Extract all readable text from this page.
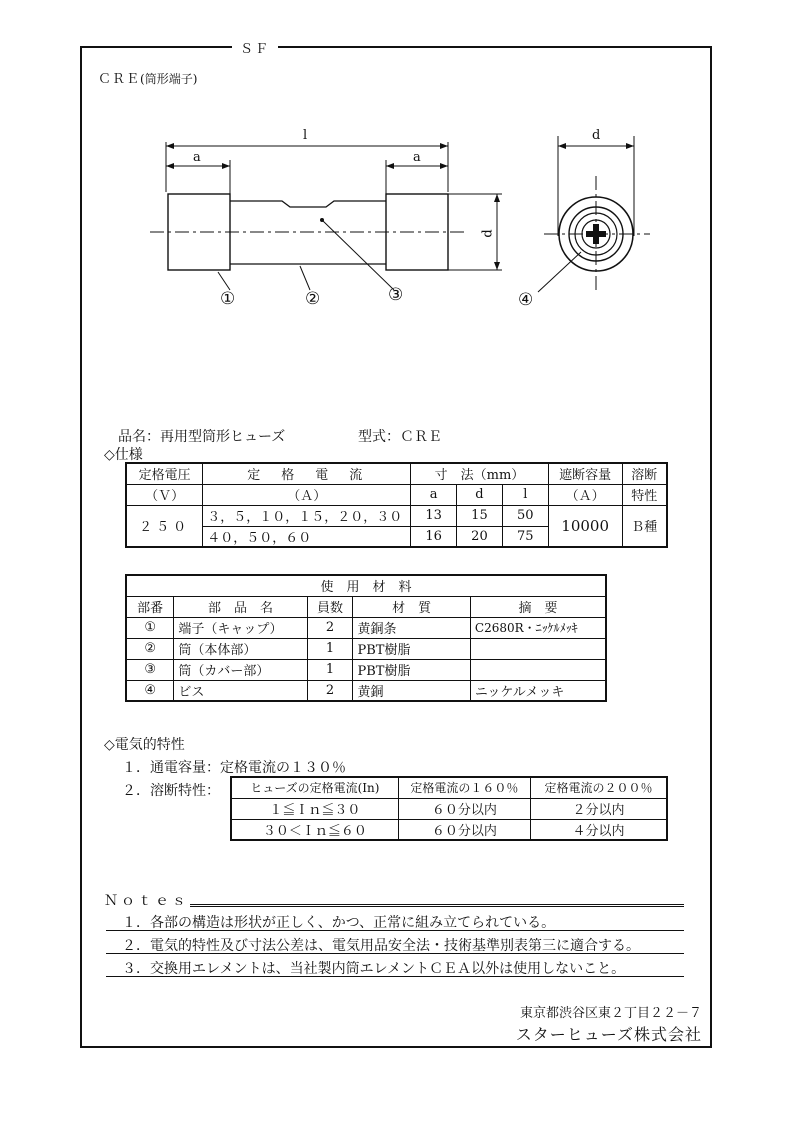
ＳＦ
ＣＲＥ(筒形端子)
l
a	a
d
d
①	②	③	④
品名：再用型筒形ヒューズ	型式：ＣＲＥ
◇仕様
定格電圧	定　格　電　流	寸　法（mm）			遮断容量	溶断
（Ｖ）	（Ａ）	a	d	l	（Ａ）	特性
２５０	３，５，１０，１５，２０，３０	13	15	50	10000	Ｂ種
	４０，５０，６０	16	20	75		
使　用　材　料				
部番	部　品　名	員数	材　質	摘　要
①	端子（キャップ）	2	黄銅条	C2680R・ﾆｯｹﾙﾒｯｷ
②	筒（本体部）	1	PBT樹脂	
③	筒（カバー部）	1	PBT樹脂	
④	ビス	2	黄銅	ニッケルメッキ
◇電気的特性
１．通電容量：定格電流の１３０％
２．溶断特性：	ヒューズの定格電流(In)	定格電流の１６０％	定格電流の２００％
１≦Ｉｎ≦３０	６０分以内	２分以内
３０＜Ｉｎ≦６０	６０分以内	４分以内
Ｎｏｔｅｓ
１．各部の構造は形状が正しく、かつ、正常に組み立てられている。
２．電気的特性及び寸法公差は、電気用品安全法・技術基準別表第三に適合する。
３．交換用エレメントは、当社製内筒エレメントＣＥＡ以外は使用しないこと。
東京都渋谷区東２丁目２２－７
スターヒューズ株式会社
